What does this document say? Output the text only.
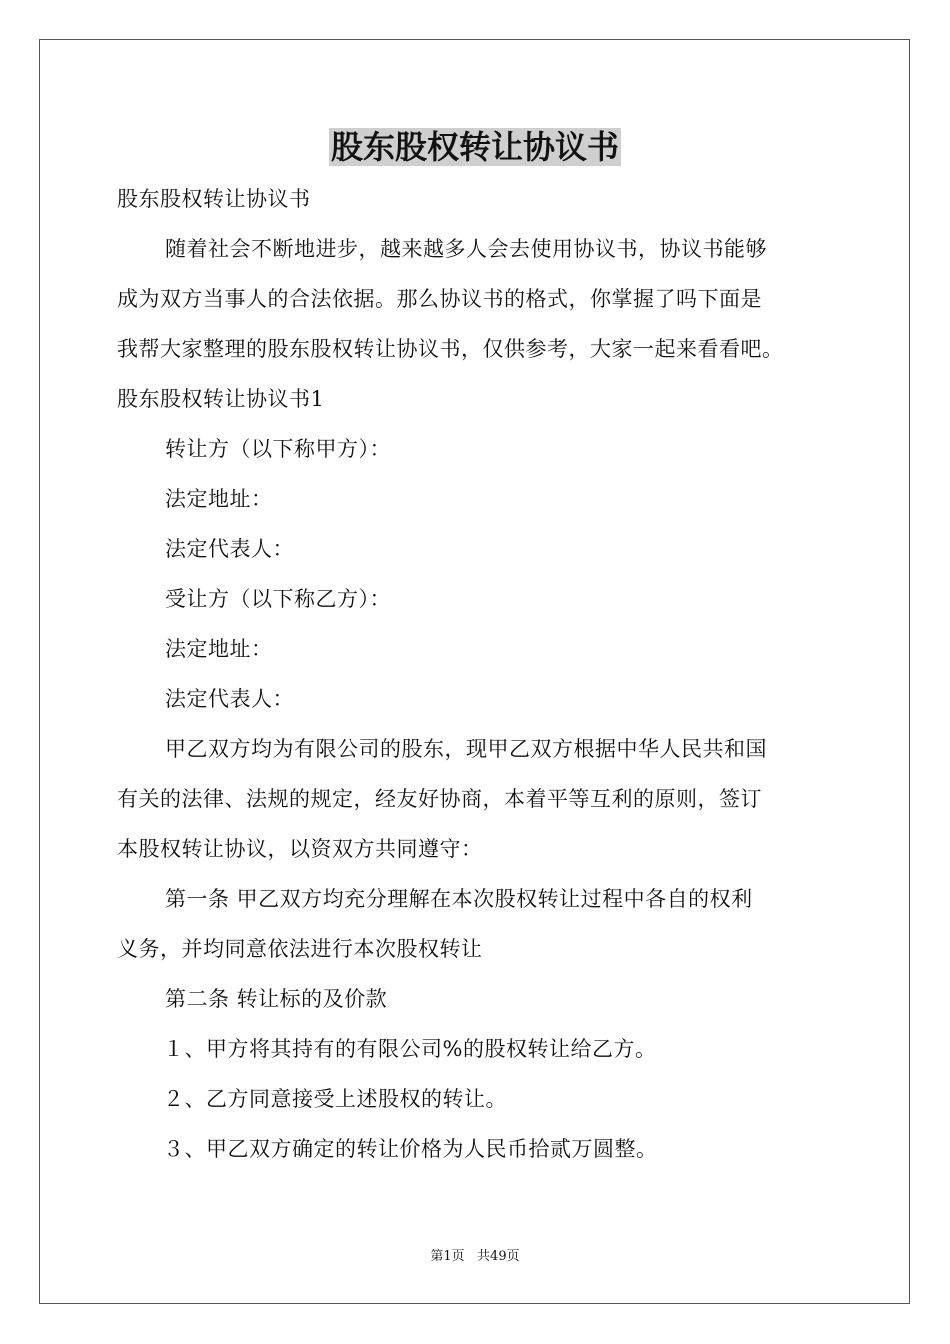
股东股权转让协议书
股东股权转让协议书
随着社会不断地进步，越来越多人会去使用协议书，协议书能够
成为双方当事人的合法依据。那么协议书的格式，你掌握了吗下面是
我帮大家整理的股东股权转让协议书，仅供参考，大家一起来看看吧。
股东股权转让协议书1
转让方（以下称甲方）：
法定地址：
法定代表人：
受让方（以下称乙方）：
法定地址：
法定代表人：
甲乙双方均为有限公司的股东，现甲乙双方根据中华人民共和国
有关的法律、法规的规定，经友好协商，本着平等互利的原则，签订
本股权转让协议，以资双方共同遵守：
第一条 甲乙双方均充分理解在本次股权转让过程中各自的权利
义务，并均同意依法进行本次股权转让
第二条 转让标的及价款
１、甲方将其持有的有限公司%的股权转让给乙方。
２、乙方同意接受上述股权的转让。
３、甲乙双方确定的转让价格为人民币拾贰万圆整。
第1页   共49页
